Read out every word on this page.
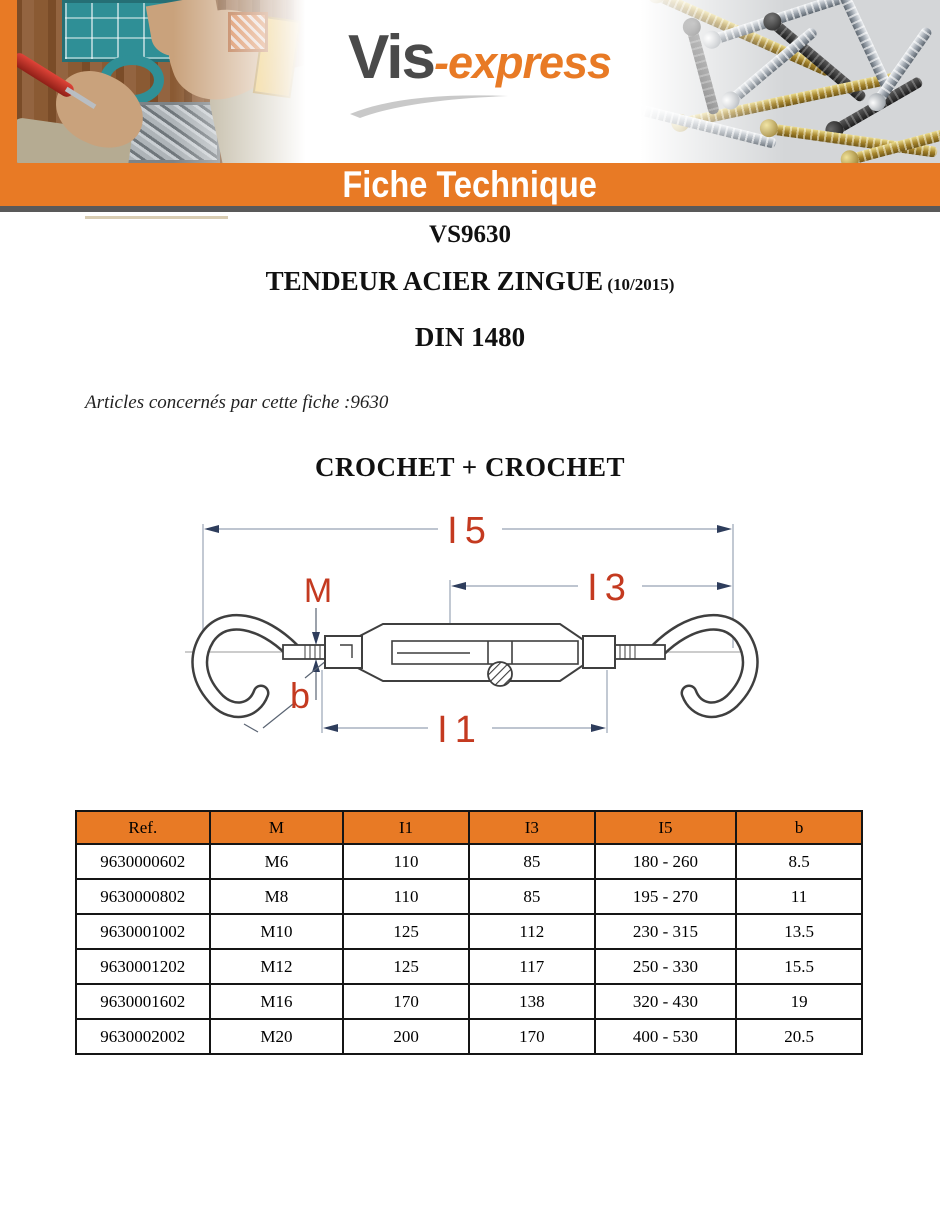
Vis-express
Fiche Technique
VS9630
TENDEUR ACIER ZINGUE (10/2015)
DIN 1480
Articles concernés par cette fiche :9630
CROCHET + CROCHET
I5
I3
I1
M
b
Ref.	M	I1	I3	I5	b
9630000602	M6	110	85	180 - 260	8.5
9630000802	M8	110	85	195 - 270	11
9630001002	M10	125	112	230 - 315	13.5
9630001202	M12	125	117	250 - 330	15.5
9630001602	M16	170	138	320 - 430	19
9630002002	M20	200	170	400 - 530	20.5
